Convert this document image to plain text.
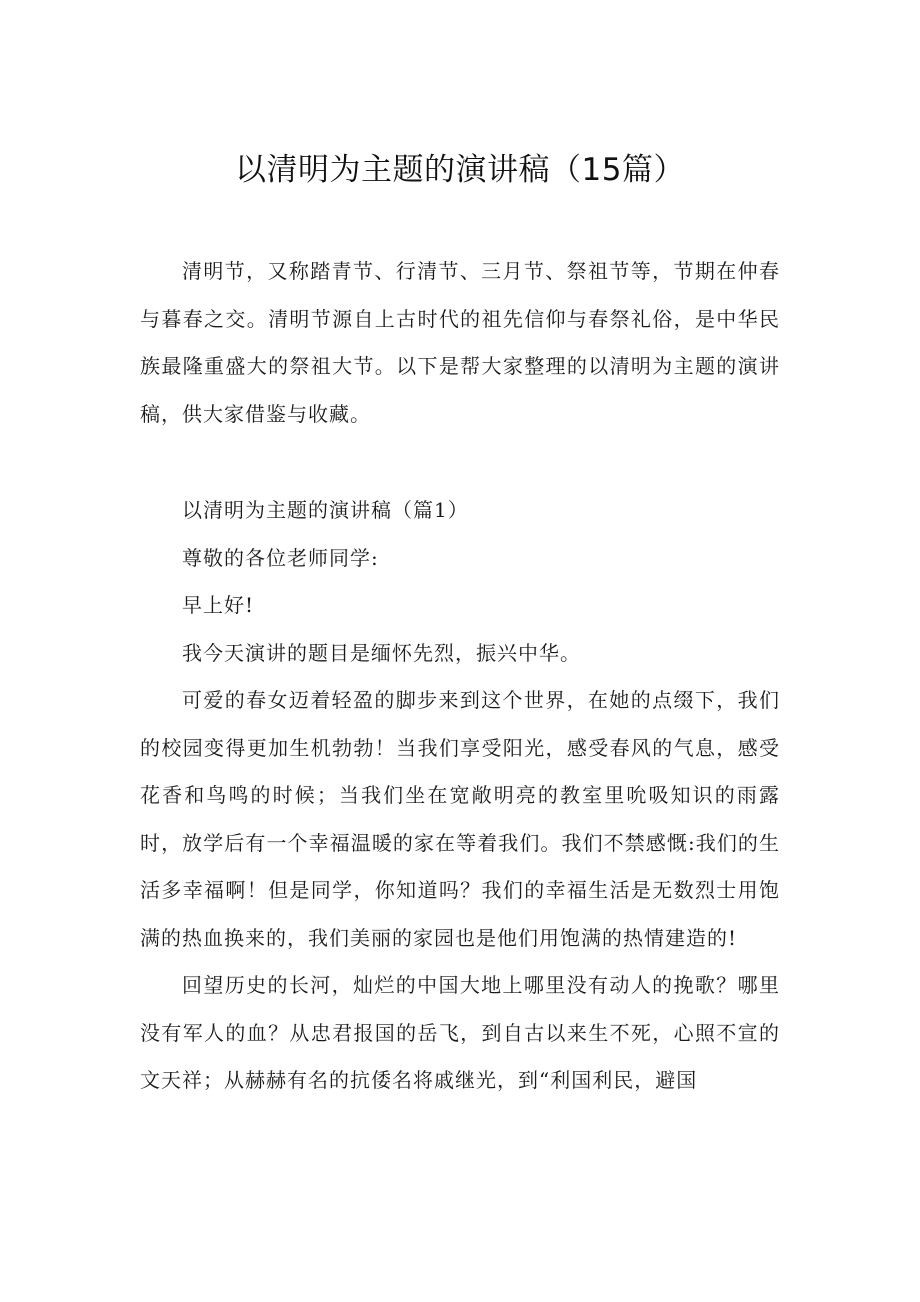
以清明为主题的演讲稿（15篇）

清明节，又称踏青节、行清节、三月节、祭祖节等，节期在仲春与暮春之交。清明节源自上古时代的祖先信仰与春祭礼俗，是中华民族最隆重盛大的祭祖大节。以下是帮大家整理的以清明为主题的演讲稿，供大家借鉴与收藏。

以清明为主题的演讲稿（篇1）

尊敬的各位老师同学:

早上好!

我今天演讲的题目是缅怀先烈，振兴中华。

可爱的春女迈着轻盈的脚步来到这个世界，在她的点缀下，我们的校园变得更加生机勃勃！当我们享受阳光，感受春风的气息，感受花香和鸟鸣的时候；当我们坐在宽敞明亮的教室里吮吸知识的雨露时，放学后有一个幸福温暖的家在等着我们。我们不禁感慨:我们的生活多幸福啊！但是同学，你知道吗？我们的幸福生活是无数烈士用饱满的热血换来的，我们美丽的家园也是他们用饱满的热情建造的!

回望历史的长河，灿烂的中国大地上哪里没有动人的挽歌？哪里没有军人的血？从忠君报国的岳飞，到自古以来生不死，心照不宣的文天祥；从赫赫有名的抗倭名将戚继光，到“利国利民，避国
